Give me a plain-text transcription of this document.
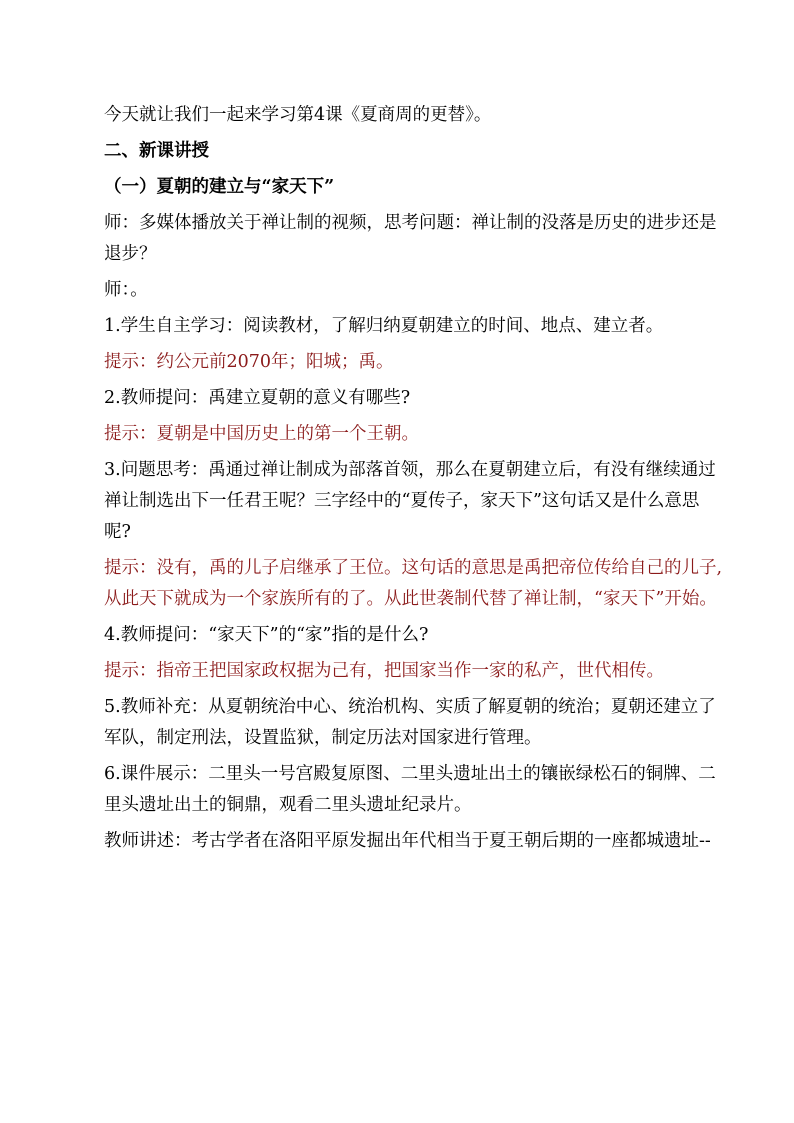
今天就让我们一起来学习第4课《夏商周的更替》。

二、新课讲授

（一）夏朝的建立与“家天下”

师：多媒体播放关于禅让制的视频，思考问题：禅让制的没落是历史的进步还是

退步？

师：。

1.学生自主学习：阅读教材，了解归纳夏朝建立的时间、地点、建立者。

提示：约公元前2070年；阳城；禹。

2.教师提问：禹建立夏朝的意义有哪些?

提示：夏朝是中国历史上的第一个王朝。

3.问题思考：禹通过禅让制成为部落首领，那么在夏朝建立后，有没有继续通过

禅让制选出下一任君王呢？三字经中的“夏传子，家天下”这句话又是什么意思

呢?

提示：没有，禹的儿子启继承了王位。这句话的意思是禹把帝位传给自己的儿子,

从此天下就成为一个家族所有的了。从此世袭制代替了禅让制，“家天下”开始。

4.教师提问：“家天下”的“家”指的是什么?

提示：指帝王把国家政权据为己有，把国家当作一家的私产，世代相传。

5.教师补充：从夏朝统治中心、统治机构、实质了解夏朝的统治；夏朝还建立了

军队，制定刑法，设置监狱，制定历法对国家进行管理。

6.课件展示：二里头一号宫殿复原图、二里头遗址出土的镶嵌绿松石的铜牌、二

里头遗址出土的铜鼎，观看二里头遗址纪录片。

教师讲述：考古学者在洛阳平原发掘出年代相当于夏王朝后期的一座都城遗址--
